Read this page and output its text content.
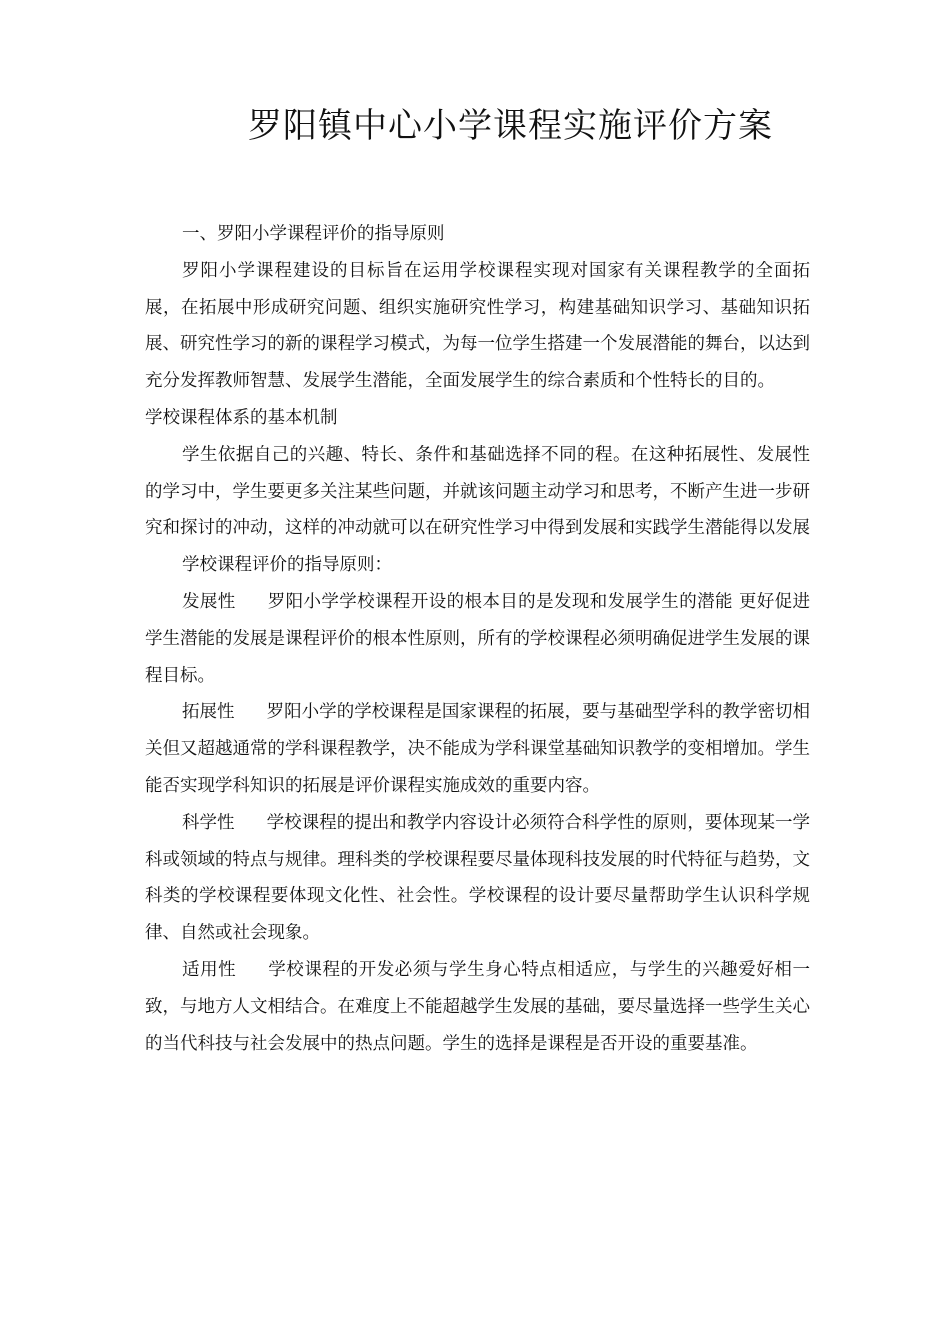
罗阳镇中心小学课程实施评价方案

一、罗阳小学课程评价的指导原则

罗阳小学课程建设的目标旨在运用学校课程实现对国家有关课程教学的全面拓展，在拓展中形成研究问题、组织实施研究性学习，构建基础知识学习、基础知识拓展、研究性学习的新的课程学习模式，为每一位学生搭建一个发展潜能的舞台，以达到充分发挥教师智慧、发展学生潜能，全面发展学生的综合素质和个性特长的目的。

学校课程体系的基本机制

学生依据自己的兴趣、特长、条件和基础选择不同的程。在这种拓展性、发展性的学习中，学生要更多关注某些问题，并就该问题主动学习和思考，不断产生进一步研究和探讨的冲动，这样的冲动就可以在研究性学习中得到发展和实践学生潜能得以发展

学校课程评价的指导原则：

发展性 罗阳小学学校课程开设的根本目的是发现和发展学生的潜能 更好促进学生潜能的发展是课程评价的根本性原则，所有的学校课程必须明确促进学生发展的课程目标。

拓展性 罗阳小学的学校课程是国家课程的拓展，要与基础型学科的教学密切相关但又超越通常的学科课程教学，决不能成为学科课堂基础知识教学的变相增加。学生能否实现学科知识的拓展是评价课程实施成效的重要内容。

科学性 学校课程的提出和教学内容设计必须符合科学性的原则，要体现某一学科或领域的特点与规律。理科类的学校课程要尽量体现科技发展的时代特征与趋势，文科类的学校课程要体现文化性、社会性。学校课程的设计要尽量帮助学生认识科学规律、自然或社会现象。

适用性 学校课程的开发必须与学生身心特点相适应，与学生的兴趣爱好相一致，与地方人文相结合。在难度上不能超越学生发展的基础，要尽量选择一些学生关心的当代科技与社会发展中的热点问题。学生的选择是课程是否开设的重要基准。
